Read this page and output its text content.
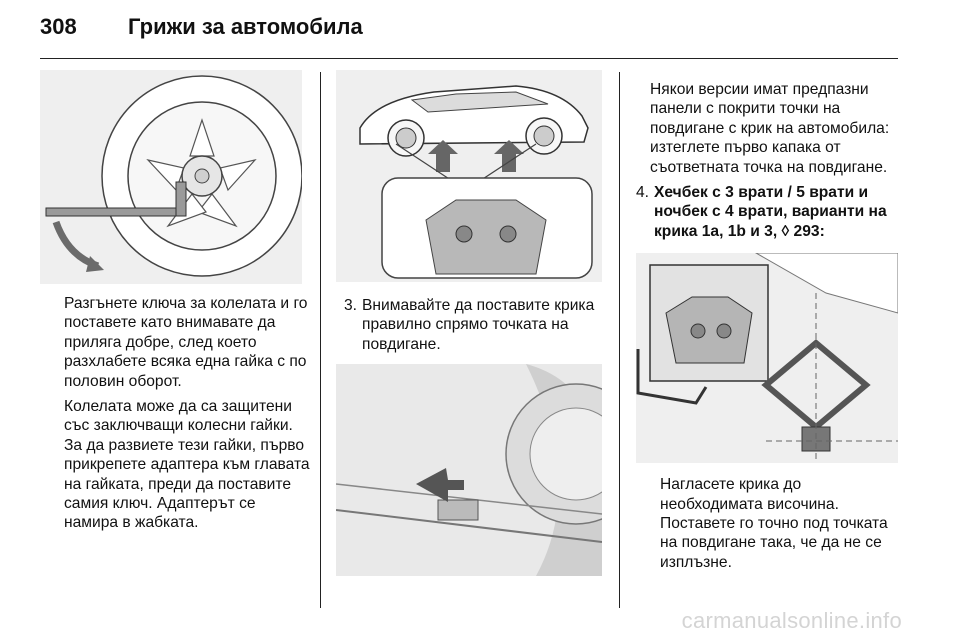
308	Грижи за автомобила

Разгънете ключа за колелата и го поставете като внимавате да приляга добре, след което разхлабете всяка една гайка с по половин оборот.

Колелата може да са защитени със заключващи колесни гайки. За да развиете тези гайки, първо прикрепете адаптера към главата на гайката, преди да поставите самия ключ. Адаптерът се намира в жабката.

3. Внимавайте да поставите крика правилно спрямо точката на повдигане.

Някои версии имат предпазни панели с покрити точки на повдигане с крик на автомобила: изтеглете първо капака от съответната точка на повдигане.

4. Хечбек с 3 врати / 5 врати и ночбек с 4 врати, варианти на крика 1а, 1b и 3, ◊ 293:

Нагласете крика до необходимата височина. Поставете го точно под точката на повдигане така, че да не се изплъзне.

carmanualsonline.info
